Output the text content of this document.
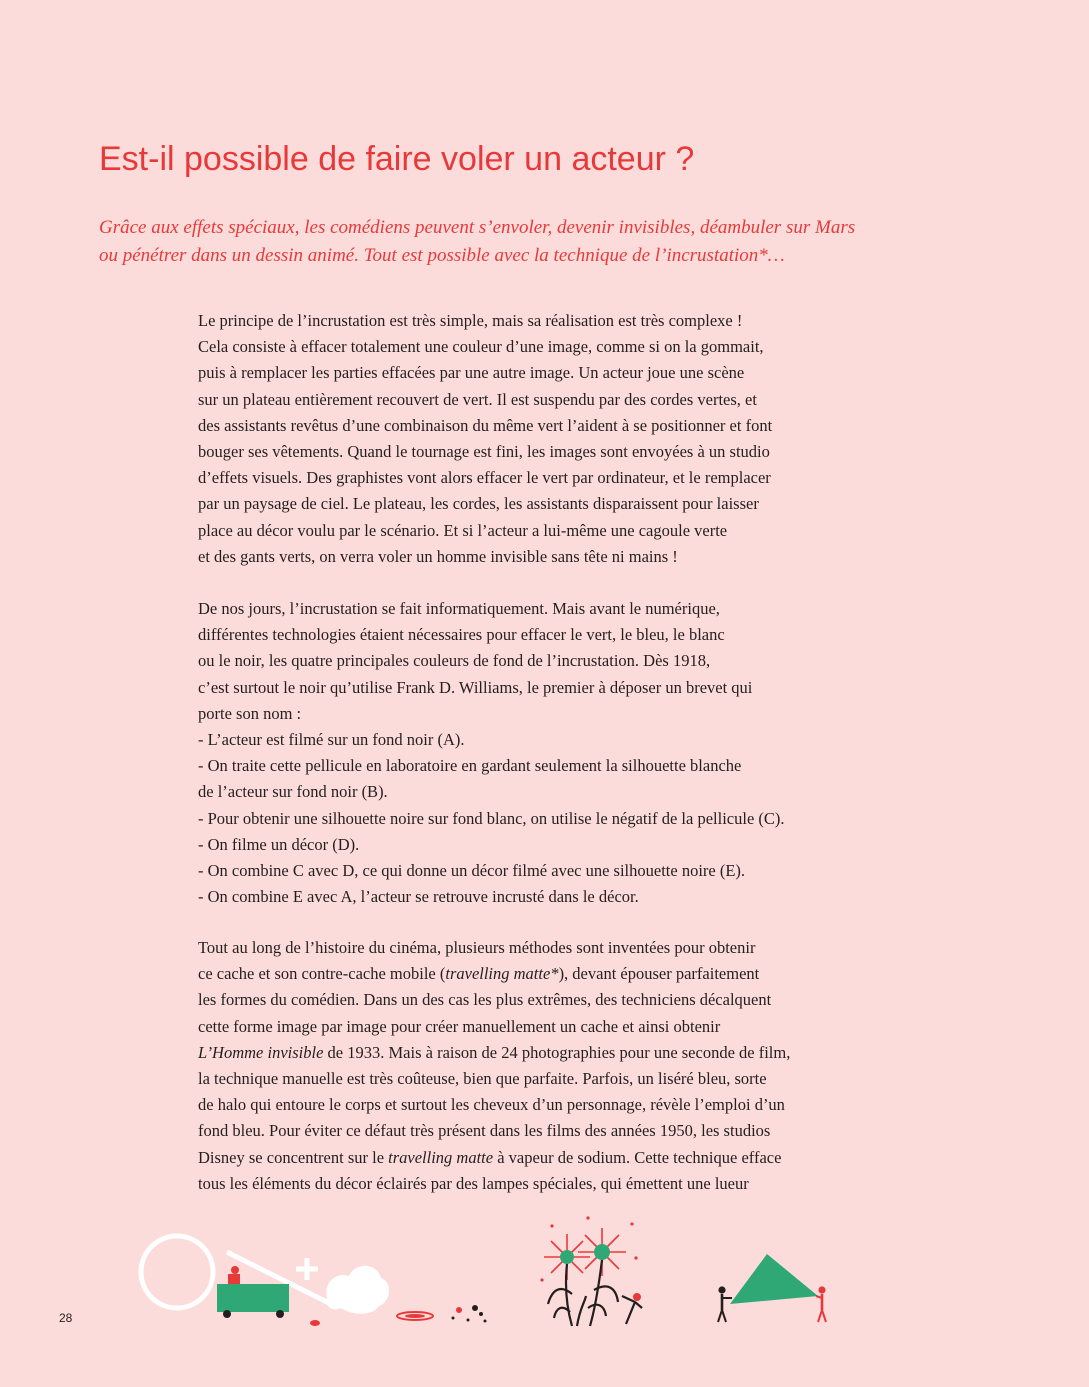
Est-il possible de faire voler un acteur ?
Grâce aux effets spéciaux, les comédiens peuvent s’envoler, devenir invisibles, déambuler sur Mars
ou pénétrer dans un dessin animé. Tout est possible avec la technique de l’incrustation*…
Le principe de l’incrustation est très simple, mais sa réalisation est très complexe !
Cela consiste à effacer totalement une couleur d’une image, comme si on la gommait,
puis à remplacer les parties effacées par une autre image. Un acteur joue une scène
sur un plateau entièrement recouvert de vert. Il est suspendu par des cordes vertes, et
des assistants revêtus d’une combinaison du même vert l’aident à se positionner et font
bouger ses vêtements. Quand le tournage est fini, les images sont envoyées à un studio
d’effets visuels. Des graphistes vont alors effacer le vert par ordinateur, et le remplacer
par un paysage de ciel. Le plateau, les cordes, les assistants disparaissent pour laisser
place au décor voulu par le scénario. Et si l’acteur a lui-même une cagoule verte
et des gants verts, on verra voler un homme invisible sans tête ni mains !
De nos jours, l’incrustation se fait informatiquement. Mais avant le numérique,
différentes technologies étaient nécessaires pour effacer le vert, le bleu, le blanc
ou le noir, les quatre principales couleurs de fond de l’incrustation. Dès 1918,
c’est surtout le noir qu’utilise Frank D. Williams, le premier à déposer un brevet qui
porte son nom :
- L’acteur est filmé sur un fond noir (A).
- On traite cette pellicule en laboratoire en gardant seulement la silhouette blanche
de l’acteur sur fond noir (B).
- Pour obtenir une silhouette noire sur fond blanc, on utilise le négatif de la pellicule (C).
- On filme un décor (D).
- On combine C avec D, ce qui donne un décor filmé avec une silhouette noire (E).
- On combine E avec A, l’acteur se retrouve incrusté dans le décor.
Tout au long de l’histoire du cinéma, plusieurs méthodes sont inventées pour obtenir
ce cache et son contre-cache mobile (travelling matte*), devant épouser parfaitement
les formes du comédien. Dans un des cas les plus extrêmes, des techniciens décalquent
cette forme image par image pour créer manuellement un cache et ainsi obtenir
L’Homme invisible de 1933. Mais à raison de 24 photographies pour une seconde de film,
la technique manuelle est très coûteuse, bien que parfaite. Parfois, un liséré bleu, sorte
de halo qui entoure le corps et surtout les cheveux d’un personnage, révèle l’emploi d’un
fond bleu. Pour éviter ce défaut très présent dans les films des années 1950, les studios
Disney se concentrent sur le travelling matte à vapeur de sodium. Cette technique efface
tous les éléments du décor éclairés par des lampes spéciales, qui émettent une lueur
28
